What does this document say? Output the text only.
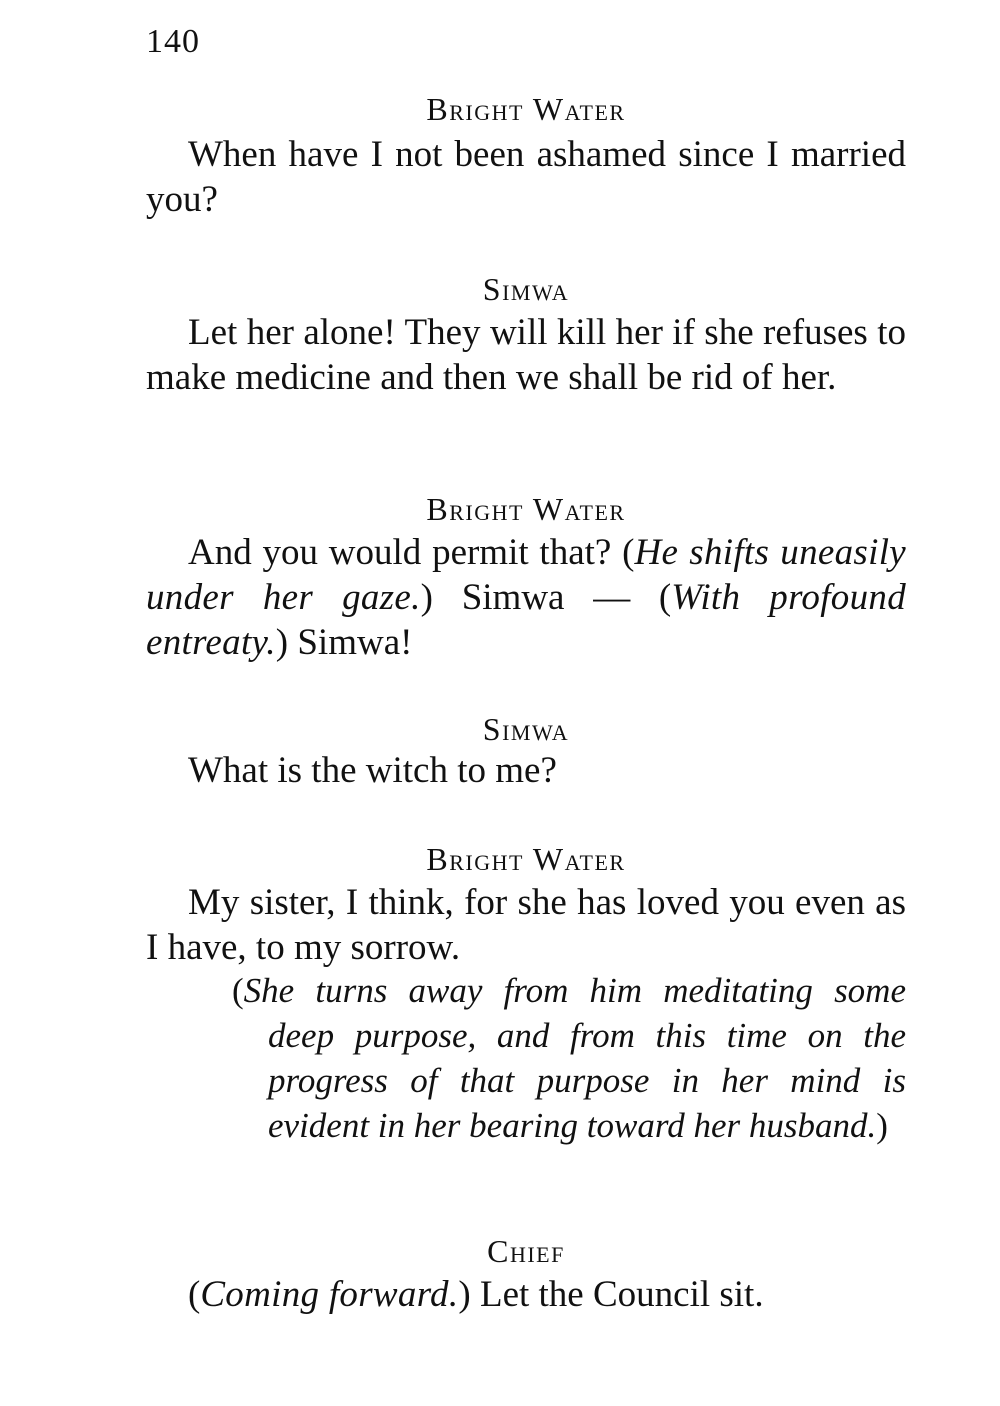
140
Bright Water

When have I not been ashamed since I married you?

Simwa

Let her alone! They will kill her if she refuses to make medicine and then we shall be rid of her.

Bright Water

And you would permit that? (He shifts uneasily under her gaze.) Simwa — (With profound entreaty.) Simwa!

Simwa

What is the witch to me?

Bright Water

My sister, I think, for she has loved you even as I have, to my sorrow.

(She turns away from him meditating some deep purpose, and from this time on the progress of that purpose in her mind is evident in her bearing toward her husband.)

Chief

(Coming forward.) Let the Council sit.
